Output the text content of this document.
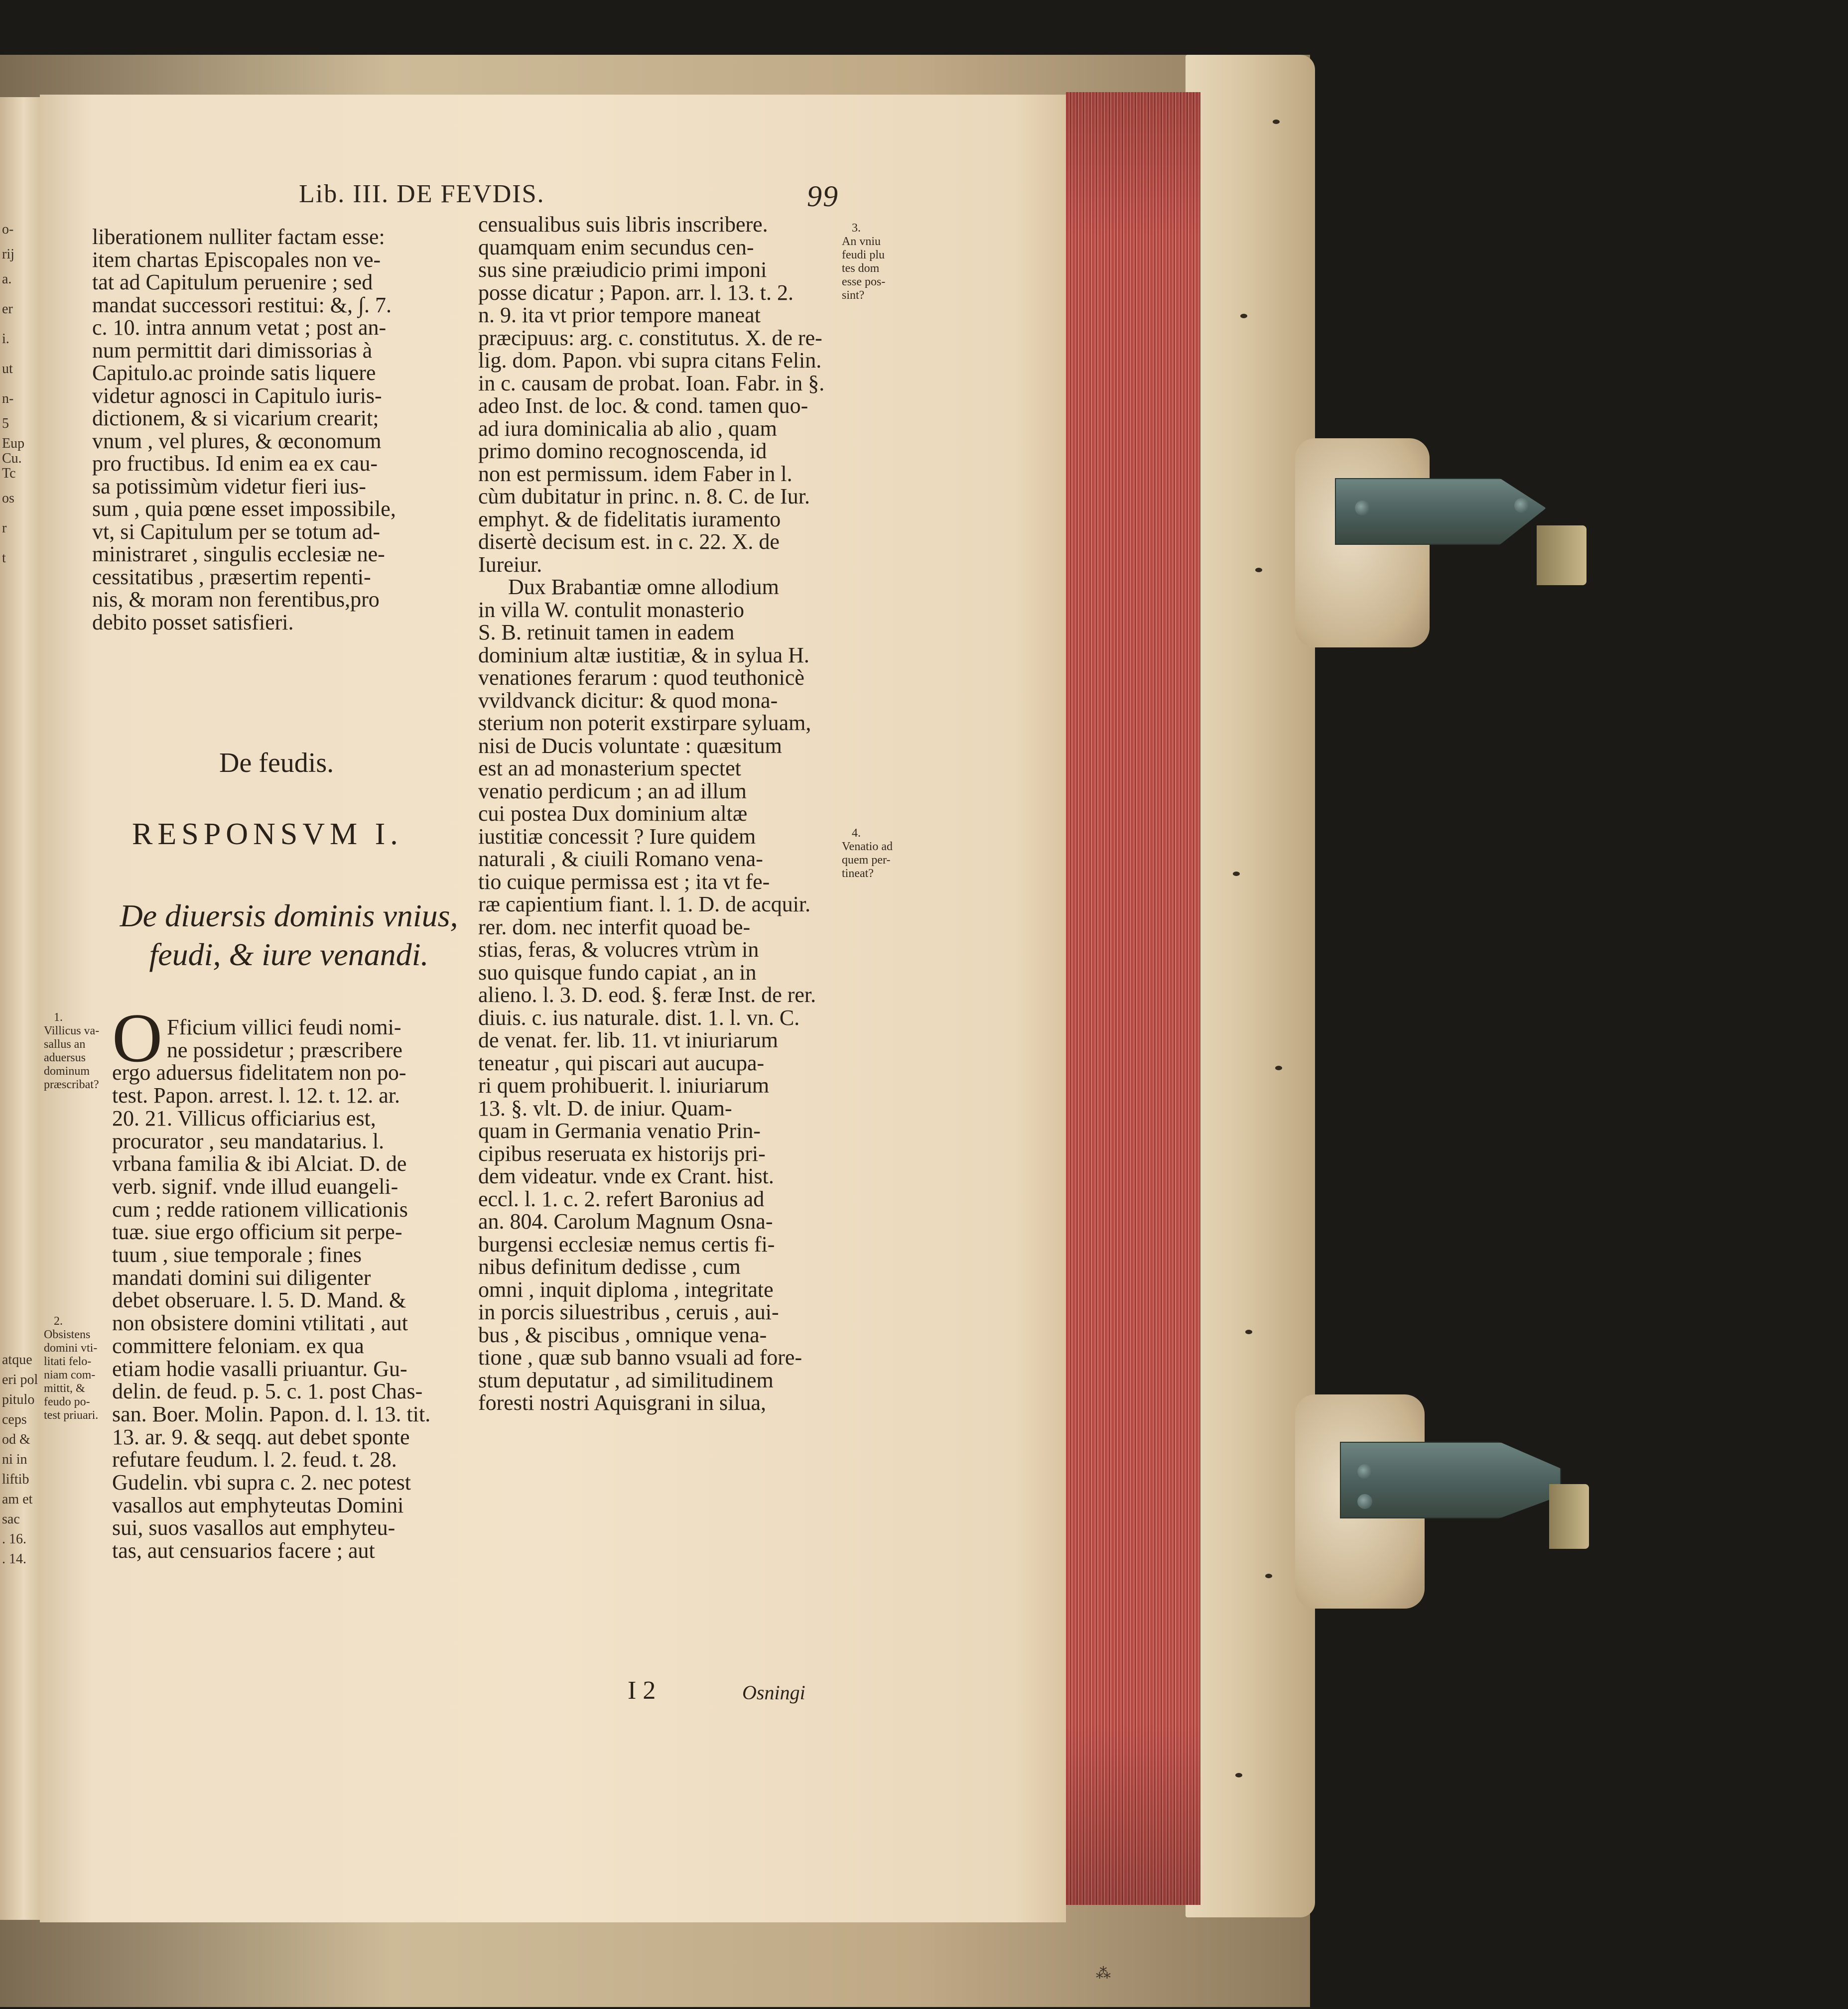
o-
rij
a.
er
i.
ut
n-
5
Eup
Cu.
Tc
os
r
t
atque
eri pol
pitulo
ceps
od &
ni in
liftib
am et
sac
. 16.
. 14.
⁂
Lib. III. DE FEVDIS.	99
liberationem nulliter factam esse:
item chartas Episcopales non ve-
tat ad Capitulum peruenire ; sed
mandat successori restitui: &, ∫. 7.
c. 10. intra annum vetat ; post an-
num permittit dari dimissorias à
Capitulo.ac proinde satis liquere
videtur agnosci in Capitulo iuris-
dictionem, & si vicarium crearit;
vnum , vel plures, & œconomum
pro fructibus. Id enim ea ex cau-
sa potissimùm videtur fieri ius-
sum , quia pœne esset impossibile,
vt, si Capitulum per se totum ad-
ministraret , singulis ecclesiæ ne-
cessitatibus , præsertim repenti-
nis, & moram non ferentibus,pro
debito posset satisfieri.
De feudis.
RESPONSVM I.
De diuersis dominis vnius,
feudi, & iure venandi.
O Fficium villici feudi nomi-
ne possidetur ; præscribere
ergo aduersus fidelitatem non po-
test. Papon. arrest. l. 12. t. 12. ar.
20. 21. Villicus officiarius est,
procurator , seu mandatarius. l.
vrbana familia & ibi Alciat. D. de
verb. signif. vnde illud euangeli-
cum ; redde rationem villicationis
tuæ. siue ergo officium sit perpe-
tuum , siue temporale ; fines
mandati domini sui diligenter
debet obseruare. l. 5. D. Mand. &
non obsistere domini vtilitati , aut
committere feloniam. ex qua
etiam hodie vasalli priuantur. Gu-
delin. de feud. p. 5. c. 1. post Chas-
san. Boer. Molin. Papon. d. l. 13. tit.
13. ar. 9. & seqq. aut debet sponte
refutare feudum. l. 2. feud. t. 28.
Gudelin. vbi supra c. 2. nec potest
vasallos aut emphyteutas Domini
sui, suos vasallos aut emphyteu-
tas, aut censuarios facere ; aut
censualibus suis libris inscribere.
quamquam enim secundus cen-
sus sine præiudicio primi imponi
posse dicatur ; Papon. arr. l. 13. t. 2.
n. 9. ita vt prior tempore maneat
præcipuus: arg. c. constitutus. X. de re-
lig. dom. Papon. vbi supra citans Felin.
in c. causam de probat. Ioan. Fabr. in §.
adeo Inst. de loc. & cond. tamen quo-
ad iura dominicalia ab alio , quam
primo domino recognoscenda, id
non est permissum. idem Faber in l.
cùm dubitatur in princ. n. 8. C. de Iur.
emphyt. & de fidelitatis iuramento
disertè decisum est. in c. 22. X. de
Iureiur.
Dux Brabantiæ omne allodium
in villa W. contulit monasterio
S. B. retinuit tamen in eadem
dominium altæ iustitiæ, & in sylua H.
venationes ferarum : quod teuthonicè
vvildvanck dicitur: & quod mona-
sterium non poterit exstirpare syluam,
nisi de Ducis voluntate : quæsitum
est an ad monasterium spectet
venatio perdicum ; an ad illum
cui postea Dux dominium altæ
iustitiæ concessit ? Iure quidem
naturali , & ciuili Romano vena-
tio cuique permissa est ; ita vt fe-
ræ capientium fiant. l. 1. D. de acquir.
rer. dom. nec interfit quoad be-
stias, feras, & volucres vtrùm in
suo quisque fundo capiat , an in
alieno. l. 3. D. eod. §. feræ Inst. de rer.
diuis. c. ius naturale. dist. 1. l. vn. C.
de venat. fer. lib. 11. vt iniuriarum
teneatur , qui piscari aut aucupa-
ri quem prohibuerit. l. iniuriarum
13. §. vlt. D. de iniur. Quam-
quam in Germania venatio Prin-
cipibus reseruata ex historijs pri-
dem videatur. vnde ex Crant. hist.
eccl. l. 1. c. 2. refert Baronius ad
an. 804. Carolum Magnum Osna-
burgensi ecclesiæ nemus certis fi-
nibus definitum dedisse , cum
omni , inquit diploma , integritate
in porcis siluestribus , ceruis , aui-
bus , & piscibus , omnique vena-
tione , quæ sub banno vsuali ad fore-
stum deputatur , ad similitudinem
foresti nostri Aquisgrani in silua,
1.
Villicus va-
sallus an
aduersus
dominum
præscribat?
2.
Obsistens
domini vti-
litati felo-
niam com-
mittit, &
feudo po-
test priuari.
3.
An vniu
feudi plu
tes dom
esse pos-
sint?
4.
Venatio ad
quem per-
tineat?
I 2	Osningi
